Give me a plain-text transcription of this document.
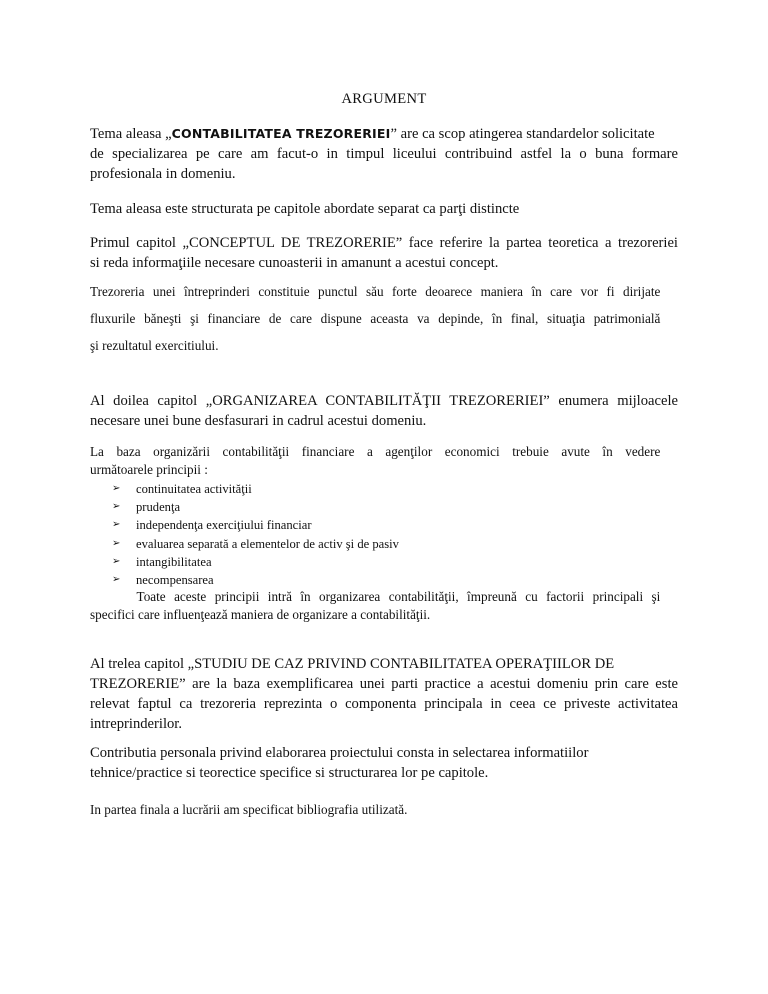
ARGUMENT
Tema aleasa „CONTABILITATEA TREZORERIEI” are ca scop atingerea standardelor solicitate
de specializarea pe care am facut-o in timpul liceului contribuind astfel la o buna formare
profesionala in domeniu.
Tema aleasa este structurata pe capitole abordate separat ca parţi distincte
Primul capitol „CONCEPTUL DE TREZORERIE” face referire la partea teoretica a trezoreriei
si reda informaţiile necesare cunoasterii in amanunt a acestui concept.
Trezoreria unei întreprinderi constituie punctul său forte deoarece maniera în care vor fi dirijate
fluxurile băneşti şi financiare de care dispune aceasta va depinde, în final, situaţia patrimonială
şi rezultatul exercitiului.
Al doilea capitol „ORGANIZAREA CONTABILITĂŢII TREZORERIEI” enumera mijloacele
necesare unei bune desfasurari in cadrul acestui domeniu.
La baza organizării contabilităţii financiare a agenţilor economici trebuie avute în vedere
următoarele principii :
➢ continuitatea activităţii
➢ prudenţa
➢ independenţa exerciţiului financiar
➢ evaluarea separată a elementelor de activ şi de pasiv
➢ intangibilitatea
➢ necompensarea
Toate aceste principii intră în organizarea contabilităţii, împreună cu factorii principali şi
specifici care influenţează maniera de organizare a contabilităţii.
Al trelea capitol „STUDIU DE CAZ PRIVIND CONTABILITATEA OPERAŢIILOR DE
TREZORERIE” are la baza exemplificarea unei parti practice a acestui domeniu prin care este
relevat faptul ca trezoreria reprezinta o componenta principala in ceea ce priveste activitatea
intreprinderilor.
Contributia personala privind elaborarea proiectului consta in selectarea informatiilor
tehnice/practice si teorectice specifice si structurarea lor pe capitole.
In partea finala a lucrării am specificat bibliografia utilizată.
